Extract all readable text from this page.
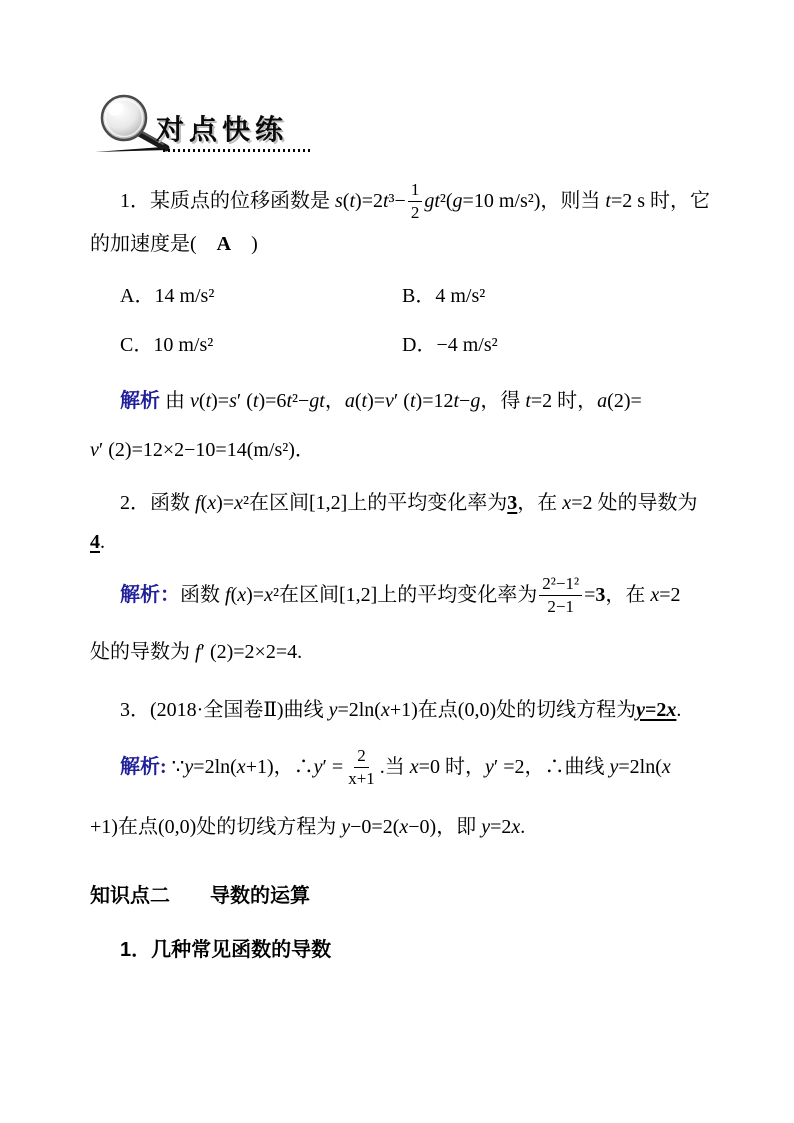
对点快练
1．某质点的位移函数是 s ( t )=2 t $^3- \frac{1}{2}$ gt ²( g =10 m/s²)，则当 t =2 s 时，它
的加速度是(　 A 　)
A．14 m/s²	B．4 m/s²
C．10 m/s²	D．−4 m/s²
解析 由 v ( t )= s ′ ( t )=6 t ²− gt ， a ( t )= v ′ ( t )=12 t − g ，得 t =2 时， a (2)=
v ′ (2)=12×2−10=14(m/s²)．
2．函数 f ( x )= x ²在区间[1,2]上的平均变化率为 3 ，在 x =2 处的导数为
4 .
解析： 函数 f ( x )= x ²在区间[1,2]上的平均变化率为 $\frac{\text{2²−1²}}{2-1} = 3$ ，在 x =2
处的导数为 f ′ (2)=2×2=4.
3．(2018·全国卷Ⅱ)曲线 y =2ln( x +1)在点(0,0)处的切线方程为 y =2 x .
解析: ∵ y =2ln( x +1)，∴ y ′ = $\frac{2}{x+1}$ .当 x =0 时， y ′ =2，∴曲线 y =2ln( x
+1)在点(0,0)处的切线方程为 y −0=2( x −0)，即 y =2 x .
知识点二
　　 导数的运算
1．几种常见函数的导数
